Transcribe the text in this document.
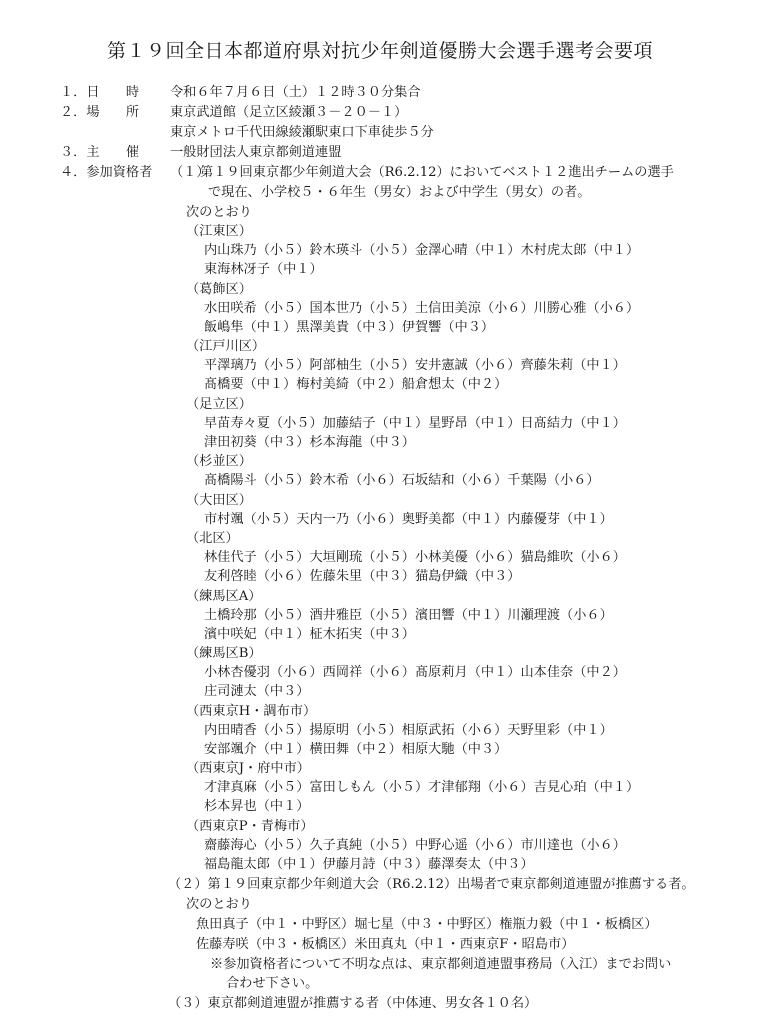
第１９回全日本都道府県対抗少年剣道優勝大会選手選考会要項
１．日　　時 令和６年７月６日（土）１２時３０分集合
２．場　　所 東京武道館（足立区綾瀬３－２０－１）
東京メトロ千代田線綾瀬駅東口下車徒歩５分
３．主　　催 一般財団法人東京都剣道連盟
４．参加資格者 （１）
第１９回東京都少年剣道大会（R6.2.12）においてベスト１２進出チームの選手
で現在、小学校５・６年生（男女）および中学生（男女）の者。
次のとおり
（江東区）
内山珠乃（小５）鈴木瑛斗（小５）金澤心晴（中１）木村虎太郎（中１）
東海林冴子（中１）
（葛飾区）
水田咲希（小５）国本世乃（小５）土信田美涼（小６）川勝心雅（小６）
飯嶋隼（中１）黒澤美貴（中３）伊賀響（中３）
（江戸川区）
平澤璃乃（小５）阿部柚生（小５）安井憲誠（小６）齊藤朱莉（中１）
髙橋要（中１）梅村美綺（中２）船倉想太（中２）
（足立区）
早苗寿々夏（小５）加藤結子（中１）星野昂（中１）日髙結力（中１）
津田初葵（中３）杉本海龍（中３）
（杉並区）
髙橋陽斗（小５）鈴木希（小６）石坂結和（小６）千葉陽（小６）
（大田区）
市村颯（小５）天内一乃（小６）奥野美都（中１）内藤優芽（中１）
（北区）
林佳代子（小５）大垣剛琉（小５）小林美優（小６）猫島維吹（小６）
友利啓睦（小６）佐藤朱里（中３）猫島伊織（中３）
（練馬区A）
土橋玲那（小５）酒井雅臣（小５）濱田響（中１）川瀬理渡（小６）
濱中咲妃（中１）柾木拓実（中３）
（練馬区B）
小林杏優羽（小６）西岡祥（小６）髙原莉月（中１）山本佳奈（中２）
庄司漣太（中３）
（西東京H・調布市）
内田晴香（小５）揚原明（小５）相原武拓（小６）天野里彩（中１）
安部颯介（中１）横田舞（中２）相原大馳（中３）
（西東京J・府中市）
才津真麻（小５）富田しもん（小５）才津郁翔（小６）吉見心珀（中１）
杉本昇也（中１）
（西東京P・青梅市）
齋藤海心（小５）久子真純（小５）中野心遥（小６）市川達也（小６）
福島龍太郎（中１）伊藤月詩（中３）藤澤奏太（中３）
（２）第１９回東京都少年剣道大会（R6.2.12）出場者で東京都剣道連盟が推薦する者。
次のとおり
魚田真子（中１・中野区）堀七星（中３・中野区）権瓶力毅（中１・板橋区）
佐藤寿咲（中３・板橋区）米田真丸（中１・西東京F・昭島市）
※参加資格者について不明な点は、東京都剣道連盟事務局（入江）までお問い
合わせ下さい。
（３）東京都剣道連盟が推薦する者（中体連、男女各１０名）
